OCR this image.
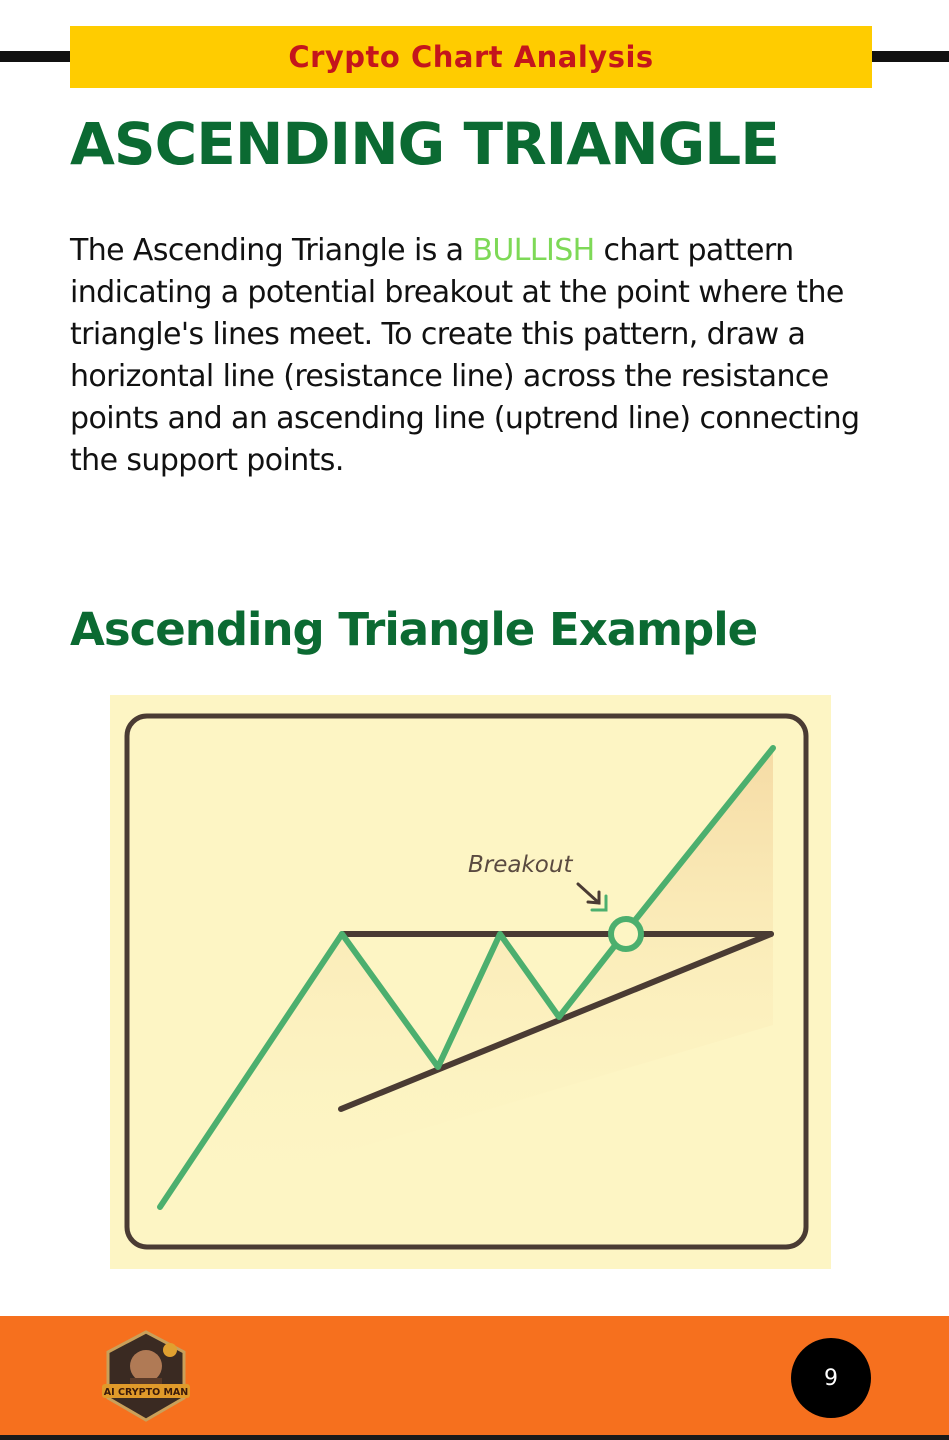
Crypto Chart Analysis
ASCENDING TRIANGLE

The Ascending Triangle is a BULLISH chart pattern indicating a potential breakout at the point where the triangle's lines meet. To create this pattern, draw a horizontal line (resistance line) across the resistance points and an ascending line (uptrend line) connecting the support points.

Ascending Triangle Example
Breakout
AI CRYPTO MAN
9
